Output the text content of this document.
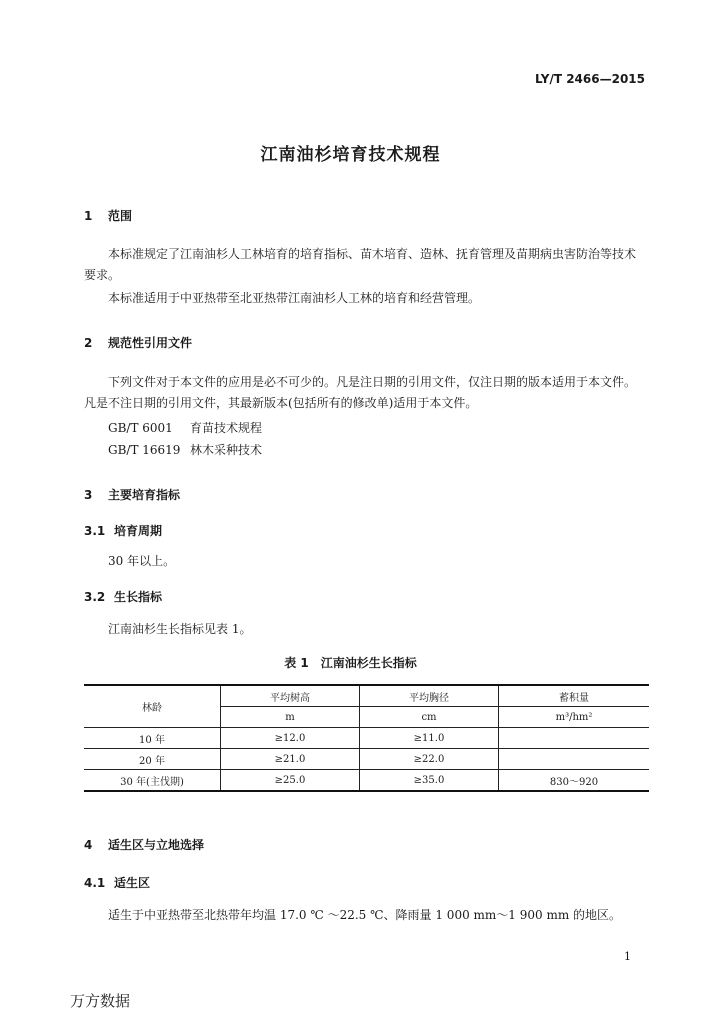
LY/T 2466—2015
江南油杉培育技术规程
1 范围
本标准规定了江南油杉人工林培育的培育指标、苗木培育、造林、抚育管理及苗期病虫害防治等技术要求。
本标准适用于中亚热带至北亚热带江南油杉人工林的培育和经营管理。
2 规范性引用文件
下列文件对于本文件的应用是必不可少的。凡是注日期的引用文件，仅注日期的版本适用于本文件。凡是不注日期的引用文件，其最新版本(包括所有的修改单)适用于本文件。
GB/T 6001 育苗技术规程
GB/T 16619 林木采种技术
3 主要培育指标
3.1 培育周期
30 年以上。
3.2 生长指标
江南油杉生长指标见表 1。
表 1　江南油杉生长指标
林龄	平均树高	平均胸径	蓄积量
	m	cm	m³/hm²
10 年	≥12.0	≥11.0	
20 年	≥21.0	≥22.0	
30 年(主伐期)	≥25.0	≥35.0	830～920
4 适生区与立地选择
4.1 适生区
适生于中亚热带至北热带年均温 17.0 ℃ ～22.5 ℃、降雨量 1 000 mm～1 900 mm 的地区。
1
万方数据
